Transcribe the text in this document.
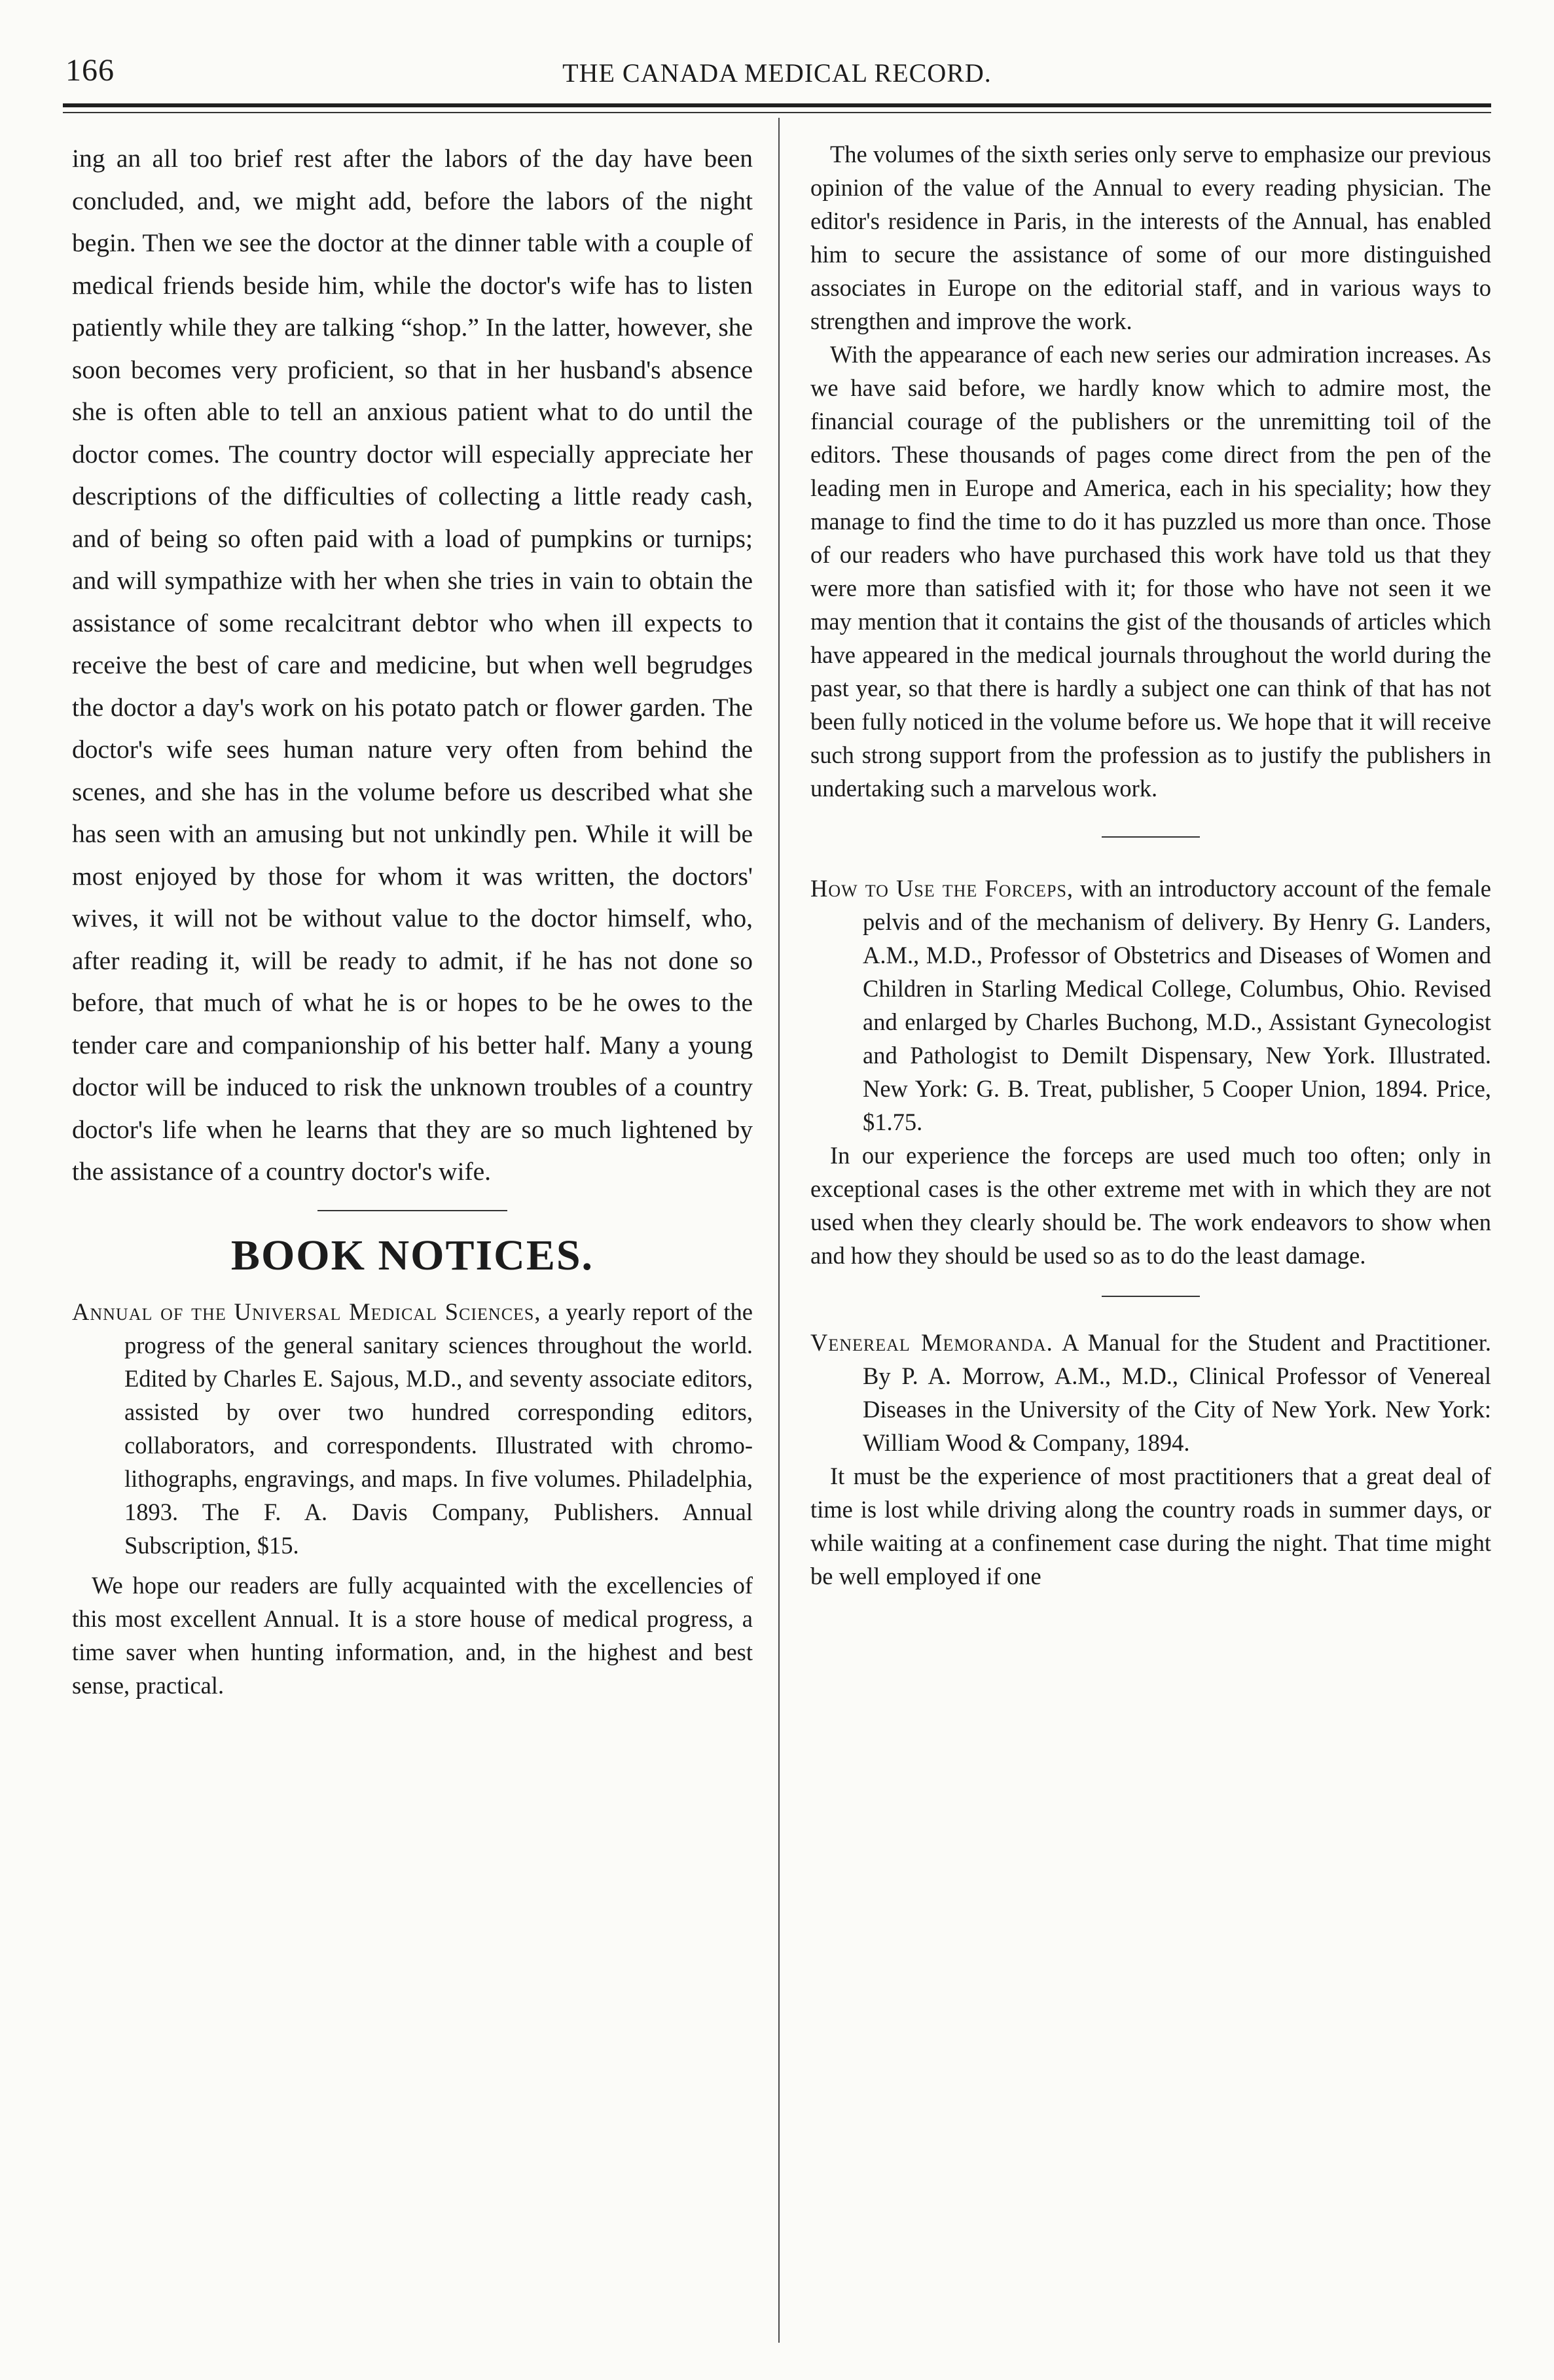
166	THE CANADA MEDICAL RECORD.

ing an all too brief rest after the labors of the day have been concluded, and, we might add, before the labors of the night begin. Then we see the doctor at the dinner table with a couple of medical friends beside him, while the doctor's wife has to listen patiently while they are talking “shop.” In the latter, however, she soon becomes very proficient, so that in her husband's absence she is often able to tell an anxious patient what to do until the doctor comes. The country doctor will especially appreciate her descriptions of the difficulties of collecting a little ready cash, and of being so often paid with a load of pumpkins or turnips; and will sympathize with her when she tries in vain to obtain the assistance of some recalcitrant debtor who when ill expects to receive the best of care and medicine, but when well begrudges the doctor a day's work on his potato patch or flower garden. The doctor's wife sees human nature very often from behind the scenes, and she has in the volume before us described what she has seen with an amusing but not unkindly pen. While it will be most enjoyed by those for whom it was written, the doctors' wives, it will not be without value to the doctor himself, who, after reading it, will be ready to admit, if he has not done so before, that much of what he is or hopes to be he owes to the tender care and companionship of his better half. Many a young doctor will be induced to risk the unknown troubles of a country doctor's life when he learns that they are so much lightened by the assistance of a country doctor's wife.

BOOK NOTICES.

Annual of the Universal Medical Sciences, a yearly report of the progress of the general sanitary sciences throughout the world. Edited by Charles E. Sajous, M.D., and seventy associate editors, assisted by over two hundred corresponding editors, collaborators, and correspondents. Illustrated with chromo-lithographs, engravings, and maps. In five volumes. Philadelphia, 1893. The F. A. Davis Company, Publishers. Annual Subscription, $15.

We hope our readers are fully acquainted with the excellencies of this most excellent Annual. It is a store house of medical progress, a time saver when hunting information, and, in the highest and best sense, practical.

The volumes of the sixth series only serve to emphasize our previous opinion of the value of the Annual to every reading physician. The editor's residence in Paris, in the interests of the Annual, has enabled him to secure the assistance of some of our more distinguished associates in Europe on the editorial staff, and in various ways to strengthen and improve the work.

With the appearance of each new series our admiration increases. As we have said before, we hardly know which to admire most, the financial courage of the publishers or the unremitting toil of the editors. These thousands of pages come direct from the pen of the leading men in Europe and America, each in his speciality; how they manage to find the time to do it has puzzled us more than once. Those of our readers who have purchased this work have told us that they were more than satisfied with it; for those who have not seen it we may mention that it contains the gist of the thousands of articles which have appeared in the medical journals throughout the world during the past year, so that there is hardly a subject one can think of that has not been fully noticed in the volume before us. We hope that it will receive such strong support from the profession as to justify the publishers in undertaking such a marvelous work.

How to Use the Forceps, with an introductory account of the female pelvis and of the mechanism of delivery. By Henry G. Landers, A.M., M.D., Professor of Obstetrics and Diseases of Women and Children in Starling Medical College, Columbus, Ohio. Revised and enlarged by Charles Buchong, M.D., Assistant Gynecologist and Pathologist to Demilt Dispensary, New York. Illustrated. New York: G. B. Treat, publisher, 5 Cooper Union, 1894. Price, $1.75.

In our experience the forceps are used much too often; only in exceptional cases is the other extreme met with in which they are not used when they clearly should be. The work endeavors to show when and how they should be used so as to do the least damage.

Venereal Memoranda. A Manual for the Student and Practitioner. By P. A. Morrow, A.M., M.D., Clinical Professor of Venereal Diseases in the University of the City of New York. New York: William Wood & Company, 1894.

It must be the experience of most practitioners that a great deal of time is lost while driving along the country roads in summer days, or while waiting at a confinement case during the night. That time might be well employed if one
